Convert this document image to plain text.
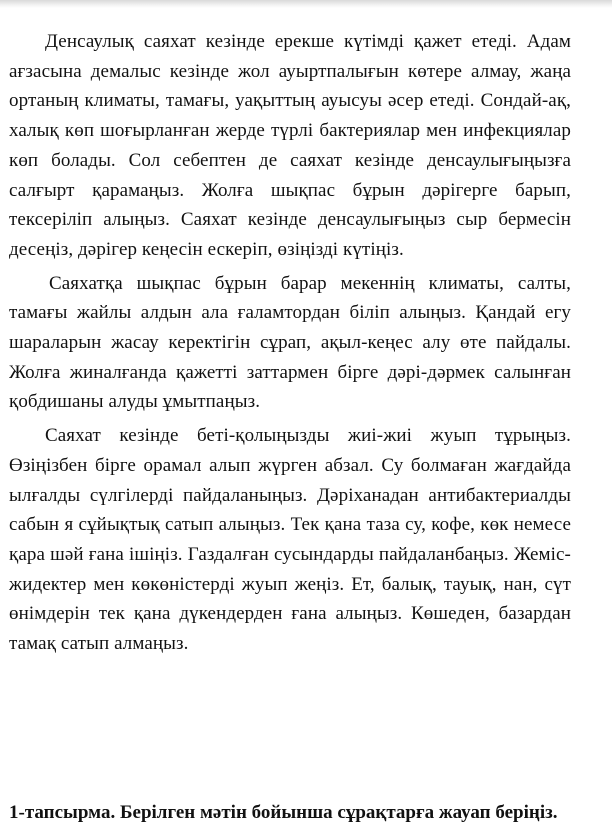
Денсаулық саяхат кезінде ерекше күтімді қажет етеді. Адам ағзасына демалыс кезінде жол ауыртпалығын көтере алмау, жаңа ортаның климаты, тамағы, уақыттың ауысуы әсер етеді. Сондай-ақ, халық көп шоғырланған жерде түрлі бактериялар мен инфекциялар көп болады. Сол себептен де саяхат кезінде денсаулығыңызға салғырт қарамаңыз. Жолға шықпас бұрын дәрігерге барып, тексеріліп алыңыз. Саяхат кезінде денсаулығыңыз сыр бермесін десеңіз, дәрігер кеңесін ескеріп, өзіңізді күтіңіз.

Саяхатқа шықпас бұрын барар мекеннің климаты, салты, тамағы жайлы алдын ала ғаламтордан біліп алыңыз. Қандай егу шараларын жасау керектігін сұрап, ақыл-кеңес алу өте пайдалы. Жолға жиналғанда қажетті заттармен бірге дәрі-дәрмек салынған қобдишаны алуды ұмытпаңыз.

Саяхат кезінде беті-қолыңызды жиі-жиі жуып тұрыңыз. Өзіңізбен бірге орамал алып жүрген абзал. Су болмаған жағдайда ылғалды сүлгілерді пайдаланыңыз. Дәріханадан антибактериалды сабын я сұйықтық сатып алыңыз. Тек қана таза су, кофе, көк немесе қара шәй ғана ішіңіз. Газдалған сусындарды пайдаланбаңыз. Жеміс-жидектер мен көкөністерді жуып жеңіз. Ет, балық, тауық, нан, сүт өнімдерін тек қана дүкендерден ғана алыңыз. Көшеден, базардан тамақ сатып алмаңыз.

1-тапсырма. Берілген мәтін бойынша сұрақтарға жауап беріңіз.
